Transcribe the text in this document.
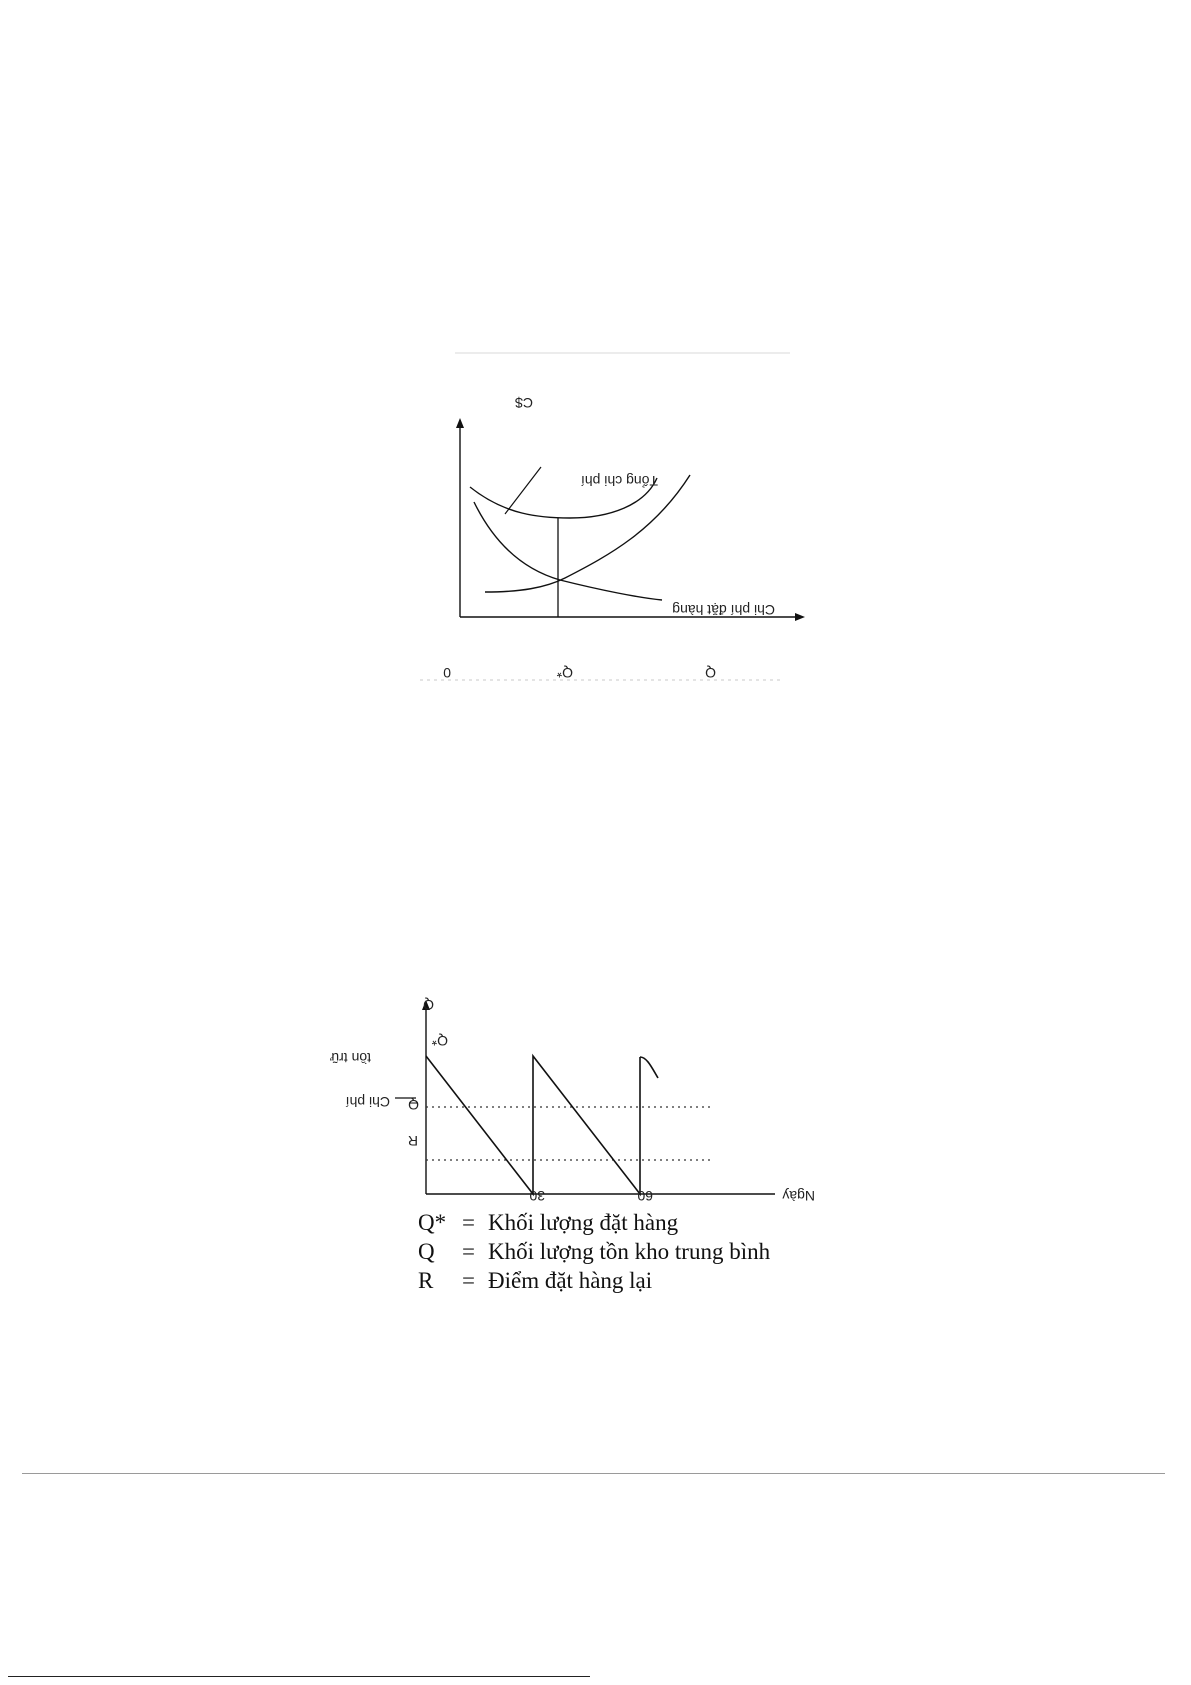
C$
Tổng chi phí
Chi phí đặt hàng
0	Q*	Q
Q
Q*
Q
R
Chi phí
tồn trữ
30	60	Ngày
Q* = Khối lượng đặt hàng
Q	= Khối lượng tồn kho trung bình
R	= Điểm đặt hàng lại
